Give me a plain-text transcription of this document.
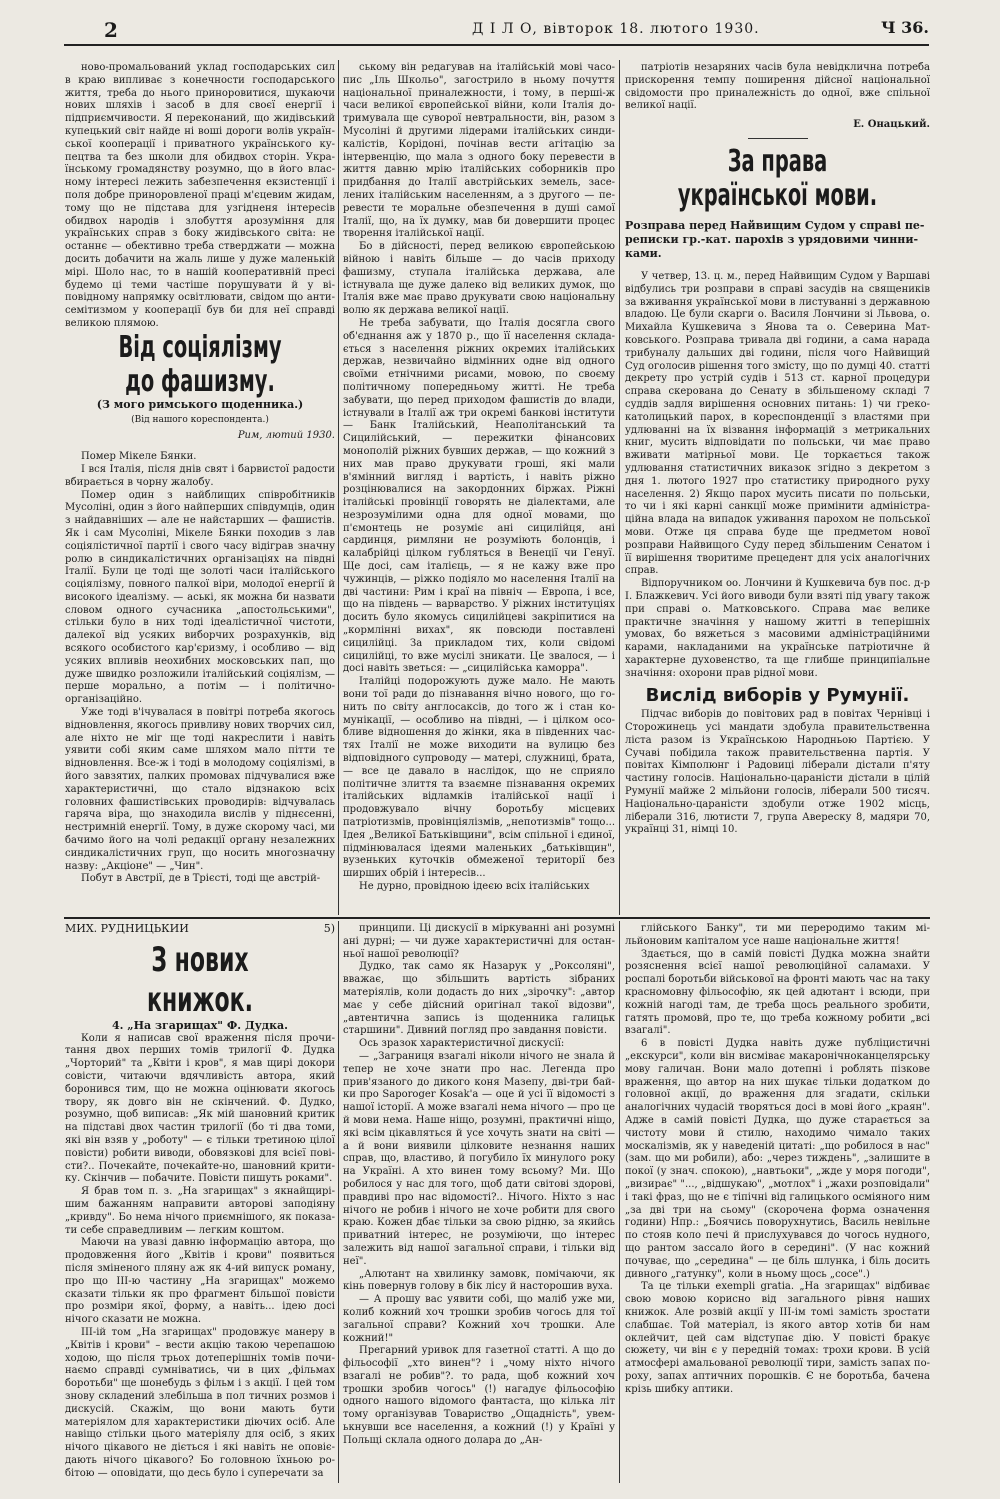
2	Д І Л О, вівторок 18. лютого 1930.	Ч 36.

ново-промальований уклад господарських сил в краю випливає з конечности господарського життя, треба до нього приноровитися, шукаючи нових шляхів і засоб в для своєї енергії і підприємчивости. Я переконаний, що жидівський купецький світ найде ні воші дороги волів української кооперації і приватного українського купецтва та без школи для обидвох сторін. Українському громадянству розумно, що в його власному інтересі лежить забезпечення екзистенції і поля добре приноровленої праці м'єцевим жидам, тому що не підстава для узгідненя інтересів обидвох народів і злобуття арозуміння для українських справ з боку жидівського світа: не останнє — обективно треба стверджати — можна досить добачити на жаль лише у дуже маленькій мірі. Шоло нас, то в нашій кооперативній пресі будемо ці теми частіше порушувати й у віповідному напрямку освітлювати, свідом що антисемітизмом у кооперації був би для неї справді великою плямою.

Від соціялізму до фашизму.

(З мого римського щоденника.)

(Від нашого кореспондента.)

Рим, лютий 1930.

Помер Мікеле Бянки.

І вся Італія, після днів свят і барвистої радости вбирається в чорну жалобу.

Помер один з найблищих співробітників Мусоліні, один з його найперших співдумців, один з найдавніших — але не найстарших — фашистів. Як і сам Мусоліні, Мікеле Бянки походив з лав соціялістичної партії і свого часу відіграв значну ролю в синдикалістичних організаціях на півдні Італії. Були це тоді ще золоті часи італійського соціялізму, повного палкої віри, молодої енергії й високого ідеалізму. — аські, як можна би назвати словом одного сучасника „апостольськими", стільки було в них тоді ідеалістичної чистоти, далекої від усяких виборчих розрахунків, від всякого особистого кар'єризму, і особливо — від усяких впливів неохибних московських пап, що дуже швидко розложили італійський соціялізм, — перше морально, а потім — і політично-організаційно.

Уже тоді в'ічувалася в повітрі потреба якогось відновлення, якогось привливу нових творчих сил, але ніхто не міг ще тоді накреслити і навіть уявити собі яким саме шляхом мало пітти те відновлення. Все-ж і тоді в молодому соціялізмі, в його завзятих, палких промовах підчувалися вже характеристичні, що стало відзнакою всіх головних фашистівських проводирів: відчувалась гаряча віра, що знаходила вислів у піднєсенні, нестримній енергії. Тому, в дуже скорому часі, ми бачимо його на чолі редакції органу незалежних синдикалістичних груп, що носить многозначну назву: „Акціоне" — „Чин".

Побут в Австрії, де в Трієсті, тоді ще австрій-

ському він редагував на італійській мові часопис „Іль Школьо", загострило в ньому почуття національної приналежности, і тому, в перші-ж часи великої європейської війни, коли Італія дотримувала ще суворої невтральности, він, разом з Мусоліні й другими лідерами італійських синдикалістів, Корідоні, почінав вести агітацію за інтервенцію, що мала з одного боку перевести в життя давню мрію італійських соборників про придбання до Італії австрійських земель, заселених італійським населенням, а з другого — перевести те моральне обезпечення в душі самої Італії, що, на їх думку, мав би довершити процес творення італійської нації.

Бо в дійсності, перед великою європейською війною і навіть більше — до часів приходу фашизму, ступала італійська держава, але істнувала ще дуже далеко від великих думок, що Італія вже має право друкувати свою національну волю як держава великої нації.

Не треба забувати, що Італія досягла свого об'єднання аж у 1870 р., що її населення складається з населення ріжних окремих італійських держав, незвичайно відмінних одне від одного своїми етнічними рисами, мовою, по своєму політичному попередньому житті. Не треба забувати, що перед приходом фашистів до влади, істнували в Італії аж три окремі банкові інститути — Банк Італійський, Неаполітанський та Сицилійський, — пережитки фінансових монополій ріжних бувших держав, — що кожний з них мав право друкувати гроші, які мали в'ямінний вигляд і вартість, і навіть ріжно розцінювалися на закордонних біржах. Ріжні італійські провінції говорять не діалектами, але незрозумілими одна для одної мовами, що п'ємонтець не розуміє ані сицилійця, ані сардинця, римляни не розуміють болонців, і калабрійці цілком губляться в Венеції чи Генуї. Ще досі, сам італієць, — я не кажу вже про чужинців, — ріжко подіяло мо населення Італії на дві частини: Рим і краї на північ — Европа, і все, що на південь — варварство. У ріжних інституціях досить було якомусь сицилійцеві закріпитися на „кормлінні вихах", як повсюди поставлені сицилійці. За прикладом тих, коли свідомі сицилійці, то вже мусілі зникати. Це звалося, — і досі навіть зветься: — „сицилійська каморра".

Італійці подорожують дуже мало. Не мають вони тої ради до пізнавання вічно нового, що гонить по світу англосаксів, до того ж і стан комунікації, — особливо на півдні, — і цілком особливе відношення до жінки, яка в південних частях Італії не може виходити на вулицю без відповідного супроводу — матері, служниці, брата, — все це давало в наслідок, що не сприяло політичне злиття та взаємне пізнавання окремих італійських відламків італійської нації і продовжувало вічну боротьбу місцевих патріотизмів, провінціялізмів, „непотизмів" тощо... Ідея „Великої Батьківщини", всім спільної і єдиної, підмінювалася ідеями маленьких „батьківщин", вузеньких куточків обмеженої території без ширших обрій і інтересів...

Не дурно, провідною ідеєю всіх італійських

патріотів незаряних часів була невідклична потреба прискорення темпу поширення дійсної національної свідомости про приналежність до одної, вже спільної великої нації.

Е. Онацький.

За права української мови.

Розправа перед Найвищим Судом у справі переписки гр.-кат. парохів з урядовими чинниками.

У четвер, 13. ц. м., перед Найвищим Судом у Варшаві відбулись три розправи в справі засудів на священиків за вживання української мови в листуванні з державною владою. Це були скарги о. Василя Лончини зі Львова, о. Михайла Кушкевича з Янова та о. Северина Матковського. Розправа тривала дві години, а сама нарада трибуналу дальших дві години, після чого Найвищий Суд оголосив рішення того змісту, що по думці 40. статті декрету про устрій судів і 513 ст. карної процедури справа скерована до Сенату в збільшеному складі 7 суддів задля вирішення основних питань: 1) чи грекокатолицький парох, в кореспонденції з властями при удлюванні на їх візвання інформацій з метрикальних книг, мусить відповідати по польськи, чи має право вживати матірньої мови. Це торкається також удлювання статистичних виказок згідно з декретом з дня 1. лютого 1927 про статистику природного руху населення. 2) Якщо парох мусить писати по польськи, то чи і які карні санкції може примінити адміністраційна влада на випадок уживання парохом не польської мови. Отже ця справа буде ще предметом нової розправи Найвищого Суду перед збільшеним Сенатом і її вирішення творитиме прецедент для усіх аналогічних справ.

Відпоручником оо. Лончини й Кушкевича був пос. д-р І. Блажкевич. Усі його виводи були взяті під увагу також при справі о. Матковського. Справа має велике практичне значіння у нашому житті в теперішніх умовах, бо вяжеться з масовими адміністраційними карами, накладаними на українське патріотичне й характерне духовенство, та ще глибше принципіальне значіння: охорони прав рідної мови.

Вислід виборів у Румунії.

Підчас виборів до повітових рад в повітах Чернівці і Сторожинець усі мандати здобула правительственна ліста разом із Українською Народньою Партією. У Сучаві побідила також правительственна партія. У повітах Кімполюнг і Радовиці ліберали дістали п'яту частину голосів. Національно-цараністи дістали в цілій Румунії майже 2 мільйони голосів, ліберали 500 тисяч. Національно-цараністи здобули отже 1902 місць, ліберали 316, лютисти 7, група Авереску 8, мадяри 70, українці 31, німці 10.

МИХ. РУДНИЦЬКИЙ	5)

З нових книжок.

4. „На згарищах" Ф. Дудка.

Коли я написав свої враження після прочитання двох перших томів трилогії Ф. Дудка „Чорторий" та „Квіти і кров", я мав щирі докори совісти, читаючи вдячливість автора, який боронився тим, що не можна оцінювати якогось твору, як довго він не скінчений. Ф. Дудко, розумно, щоб виписав: „Як мій шановний критик на підставі двох частин трилогії (бо ті два томи, які він взяв у „роботу" — є тільки третиною цілої повісти) робити виводи, обовязкові для всієї повісти?.. Почекайте, почекайте-но, шановний критику. Скінчив — побачите. Повісти пишуть роками".

Я брав том п. з. „На згарищах" з якнайщирішим бажанням направити авторові заподіяну „кривду". Бо нема нічого приємнішого, як показати себе справедливим — легким коштом.

Маючи на увазі давню інформацію автора, що продовження його „Квітів і крови" появиться після зміненого пляну аж як 4-ий випуск роману, про що ІІІ-ю частину „На згарищах" можемо сказати тільки як про фрагмент більшої повісти про розміри якої, форму, а навіть... ідею досі нічого сказати не можна.

ІІІ-ій том „На згарищах" продовжує манеру в „Квітів і крови" – вести акцію такою черепашою ходою, що після трьох дотеперішніх томів починаємо справді сумніватись, чи в цих „фільмах боротьби" ще шонебудь з фільм і з акції. І цей том знову складений злебільша в пол тичних розмов і дискусій. Скажім, що вони мають бути матеріялом для характеристики діючих осіб. Але навіщо стільки цього матеріялу для осіб, з яких нічого цікавого не діється і які навіть не оповієдають нічого цікавого? Бо головною їхньою робітою — оповідати, що десь було і суперечати за

принципи. Ці дискусії в міркуванні ані розумні ані дурні; — чи дуже характеристичні для останньої нашої революції?

Дудко, так само як Назарук у „Роксоляні", вважає, що збільшить вартість зібраних матеріялів, коли додасть до них „зірочку": „автор має у себе дійсний оригінал такої відозви", „автентична запись із щоденника галицьк старшини". Дивний погляд про завдання повісти.

Ось зразок характеристичної дискусії:

— „Заграниця взагалі ніколи нічого не знала й тепер не хоче знати про нас. Легенда про прив'язаного до дикого коня Мазепу, дві-три байки про Saporoger Kosak'а — оце й усі її відомості з нашої історії. А може взагалі нема нічого — про це й мови нема. Наше ніщо, розумні, практичні ніщо, які всім цікавляться й усе хочуть знати на світі — а й вони виявили цілковите незнання наших справ, що, властиво, й погубило їх минулого року на Україні. А хто винен тому всьому? Ми. Що робилося у нас для того, щоб дати світові здорові, правдиві про нас відомості?.. Нічого. Ніхто з нас нічого не робив і нічого не хоче робити для свого краю. Кожен дбає тільки за свою рідню, за якийсь приватний інтерес, не розуміючи, що інтерес залежить від нашої загальної справи, і тільки від неї".

„Алютант на хвилинку замовк, помічаючи, як кінь повернув голову в бік лісу й насторошив вуха.

— А прошу вас уявити собі, що маліб уже ми, колиб кожний хоч трошки зробив чогось для тої загальної справи? Кожний хоч трошки. Але кожний!"

Прегарний уривок для газетної статті. А що до фільософії „хто винен"? і „чому ніхто нічого взагалі не робив"?. то рада, щоб кожний хоч трошки зробив чогось" (!) нагадує фільософію одного нашого відомого фантаста, що кілька літ тому організував Товариство „Ощадність", увемькнувши все населення, а кожний (!) у Країні у Польщі склала одного долара до „Ан-

глійського Банку", ти ми переродимо таким мільйоновим капіталом усе наше національне життя!

Здається, що в самій повісті Дудка можна знайти розяснення всієї нашої революційної саламахи. У роспалі боротьби військової на фронті мають час на таку красномовну фільософію, як цей адютант і всюди, при кожній нагоді там, де треба щось реального зробити, гатять промовй, про те, що треба кожному робити „всі взагалі".

6 в повісті Дудка навіть дуже публіцистичні „екскурси", коли він висміває макаронічноканцелярську мову галичан. Вони мало дотепні і роблять пізкове враження, що автор на них шукає тільки додатком до головної акції, до враження для згадати, скільки аналогічних чудасій творяться досі в мові його „краян". Адже в самій повісті Дудка, що дуже старається за чистоту мови й стилю, находимо чимало таких москалізмів, як у наведеній цитаті: „що робилося в нас" (зам. що ми робили), або: „через тиждень", „залишите в покої (у знач. спокою), „навтьоки", „жде у моря погоди", „визирає" "..., „відшукаю", „мотлох" і „жахи розповідали" і такі фраз, що не є тіпічні від галицького осміяного ним „за дві три на сьому" (скорочена форма означення години) Нпр.: „Боячись поворухнутись, Василь невільне по стояв коло печі й прислухувався до чогось нудного, що рантом зассало його в середині". (У нас кожний почуває, що „середина" — це біль шлунка, і біль досить дивного „гатунку", коли в ньому щось „сосе".)

Та це тільки exempli gratia. „На згарищах" відбиває свою мовою корисно від загального рівня наших книжок. Але розвій акції у ІІІ-ім томі замість зростати слабшає. Той матеріал, із якого автор хотів би нам оклейчит, цей сам відступає дію. У повісті бракує сюжету, чи він є у передній томах: трохи крови. В усій атмосфері амальованої революції тири, замість запах пороху, запах аптичних порошків. Є не боротьба, бачена крізь шибку аптики.
